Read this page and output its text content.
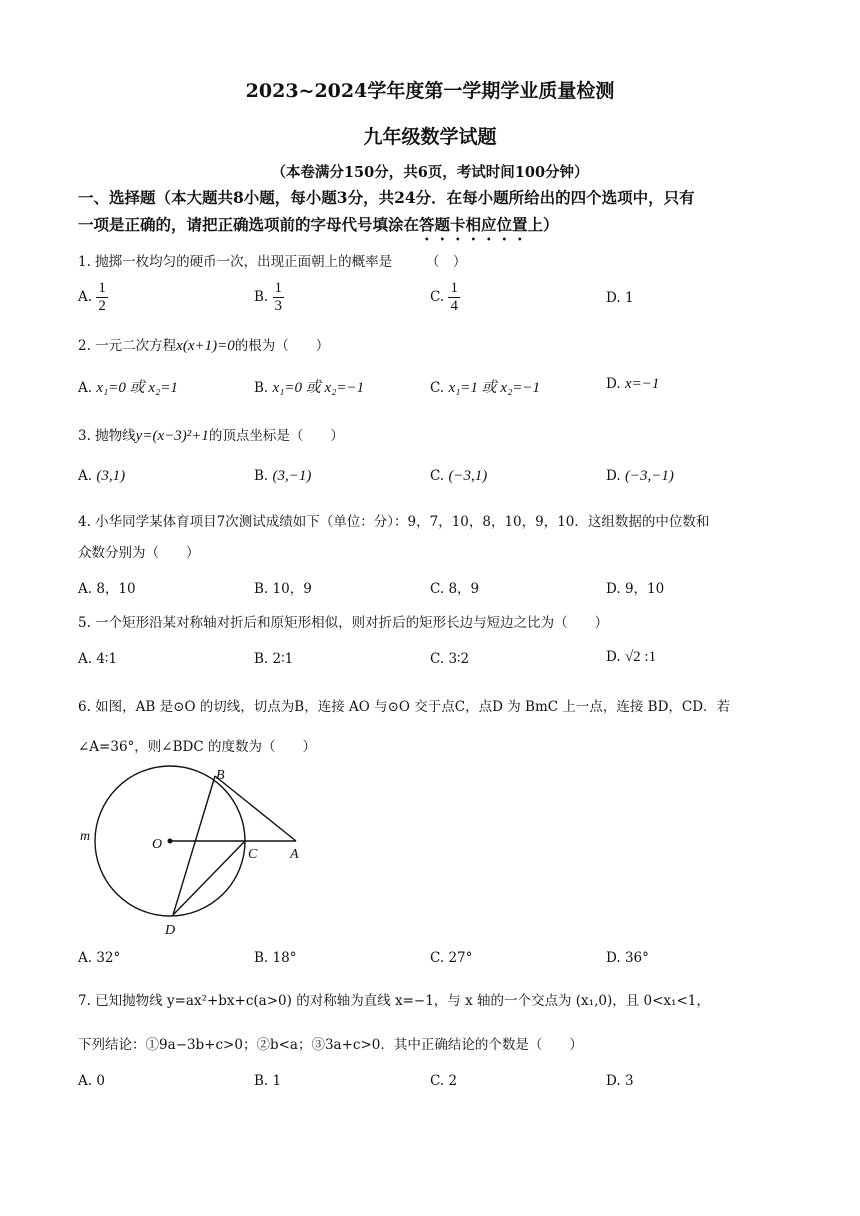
2023~2024学年度第一学期学业质量检测
九年级数学试题
（本卷满分150分，共6页，考试时间100分钟）
一、选择题（本大题共8小题，每小题3分，共24分．在每小题所给出的四个选项中，只有
一项是正确的，请把正确选项前的字母代号填涂在答题卡相应位置上）
1. 抛掷一枚均匀的硬币一次，出现正面朝上的概率是　　　（　）
A. $\frac{1}{2}$	B. $\frac{1}{3}$	C. $\frac{1}{4}$	D. 1
2. 一元二次方程x(x+1)=0的根为（　　）
A. x₁=0 或 x₂=1	B. x₁=0 或 x₂=−1	C. x₁=1 或 x₂=−1	D. x=−1
3. 抛物线y=(x−3)²+1的顶点坐标是（　　）
A. (3,1)	B. (3,−1)	C. (−3,1)	D. (−3,−1)
4. 小华同学某体育项目7次测试成绩如下（单位：分）：9，7，10，8，10，9，10．这组数据的中位数和
众数分别为（　　）
A. 8，10	B. 10，9	C. 8，9	D. 9，10
5. 一个矩形沿某对称轴对折后和原矩形相似，则对折后的矩形长边与短边之比为（　　）
A. 4∶1	B. 2∶1	C. 3∶2	D. √2 :1
6. 如图，AB 是⊙O 的切线，切点为B，连接 AO 与⊙O 交于点C，点D 为 BmC 上一点，连接 BD，CD．若
∠A=36°，则∠BDC 的度数为（　　）
B
O
C A
D
m
A. 32°	B. 18°	C. 27°	D. 36°
7. 已知抛物线 y=ax²+bx+c(a>0) 的对称轴为直线 x=−1，与 x 轴的一个交点为 (x₁,0)，且 0<x₁<1，
下列结论：①9a−3b+c>0；②b<a；③3a+c>0．其中正确结论的个数是（　　）
A. 0	B. 1	C. 2	D. 3
